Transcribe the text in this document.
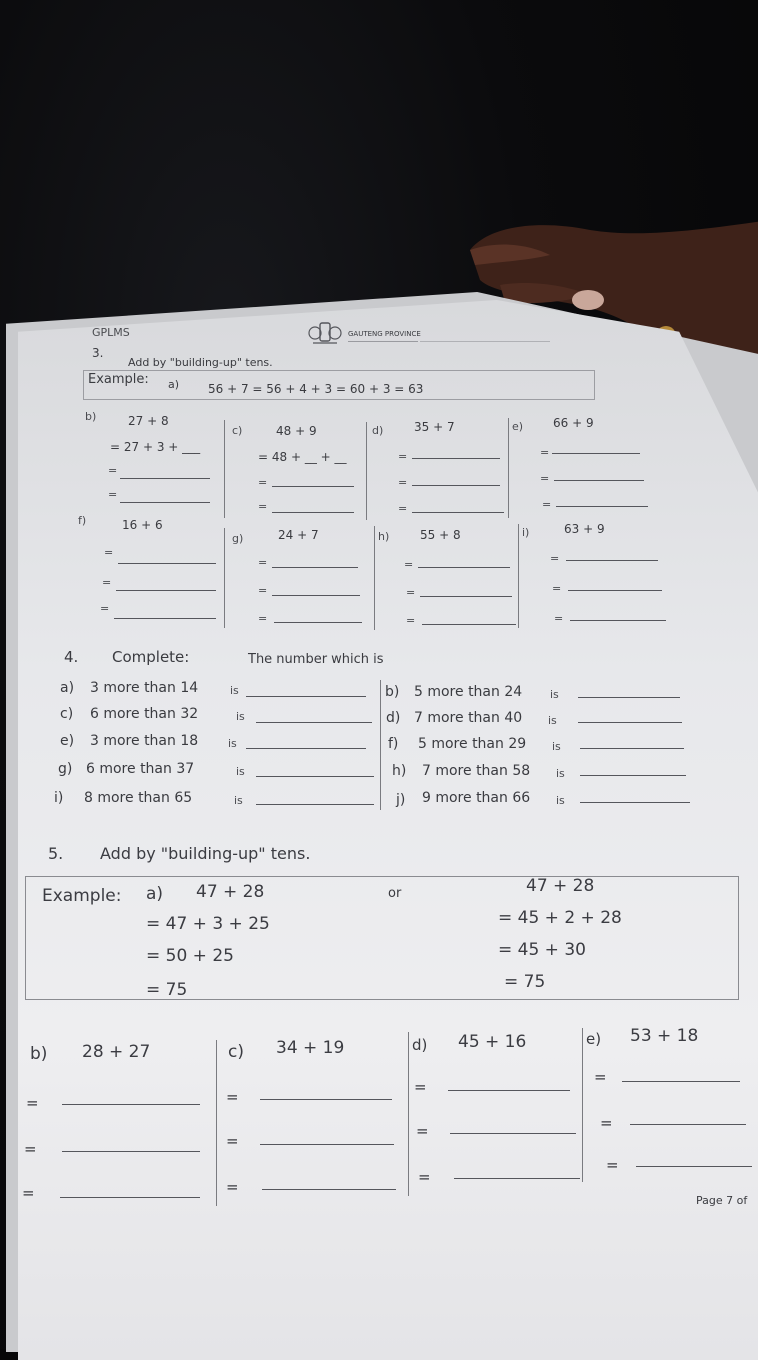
GPLMS	GAUTENG PROVINCE
3.
Add by "building-up" tens.
Example: a) 56 + 7 = 56 + 4 + 3 = 60 + 3 = 63
b)	27 + 8
= 27 + 3 + ___
=
=
c)	48 + 9
= 48 + __ + __
=
=
d)	35 + 7
=
=
=
e) 66 + 9
=
=
=
f)	16 + 6
=
=
=
g)	24 + 7
=
=
=
h)	55 + 8
=
=
=
i)	63 + 9
=
=
=
4. Complete:	The number which is
a) 3 more than 14	is	b) 5 more than 24	is
c) 6 more than 32	is	d) 7 more than 40 is
e) 3 more than 18	is	f) 5 more than 29 is
g) 6 more than 37	is	h) 7 more than 58 is
i) 8 more than 65	is	j) 9 more than 66 is
5. Add by "building-up" tens.
Example: a) 47 + 28
= 47 + 3 + 25
= 50 + 25
= 75
or	47 + 28
= 45 + 2 + 28
= 45 + 30
= 75
b) 28 + 27
=
=
=
c) 34 + 19
=
=
=
d) 45 + 16
=
=
=
e) 53 + 18
=
=
=
Page 7 of
